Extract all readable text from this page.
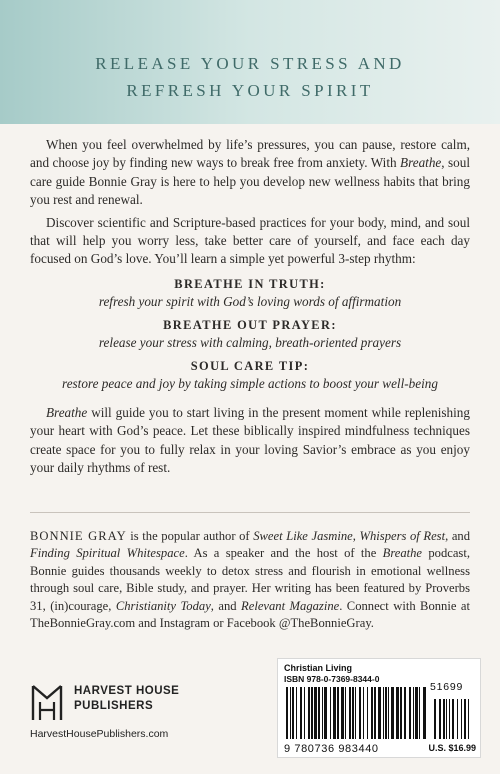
RELEASE YOUR STRESS AND
REFRESH YOUR SPIRIT

When you feel overwhelmed by life’s pressures, you can pause, restore calm, and choose joy by finding new ways to break free from anxiety. With Breathe, soul care guide Bonnie Gray is here to help you develop new wellness habits that bring you rest and renewal.

Discover scientific and Scripture-based practices for your body, mind, and soul that will help you worry less, take better care of yourself, and face each day focused on God’s love. You’ll learn a simple yet powerful 3-step rhythm:

BREATHE IN TRUTH:
refresh your spirit with God’s loving words of affirmation
BREATHE OUT PRAYER:
release your stress with calming, breath-oriented prayers
SOUL CARE TIP:
restore peace and joy by taking simple actions to boost your well-being

Breathe will guide you to start living in the present moment while replenishing your heart with God’s peace. Let these biblically inspired mindfulness techniques create space for you to fully relax in your loving Savior’s embrace as you enjoy your daily rhythms of rest.

BONNIE GRAY is the popular author of Sweet Like Jasmine, Whispers of Rest, and Finding Spiritual Whitespace. As a speaker and the host of the Breathe podcast, Bonnie guides thousands weekly to detox stress and flourish in emotional wellness through soul care, Bible study, and prayer. Her writing has been featured by Proverbs 31, (in)courage, Christianity Today, and Relevant Magazine. Connect with Bonnie at TheBonnieGray.com and Instagram or Facebook @TheBonnieGray.
HARVEST HOUSE
PUBLISHERS
HarvestHousePublishers.com
Christian Living
ISBN 978-0-7369-8344-0
51699
9 780736 983440	U.S. $16.99
